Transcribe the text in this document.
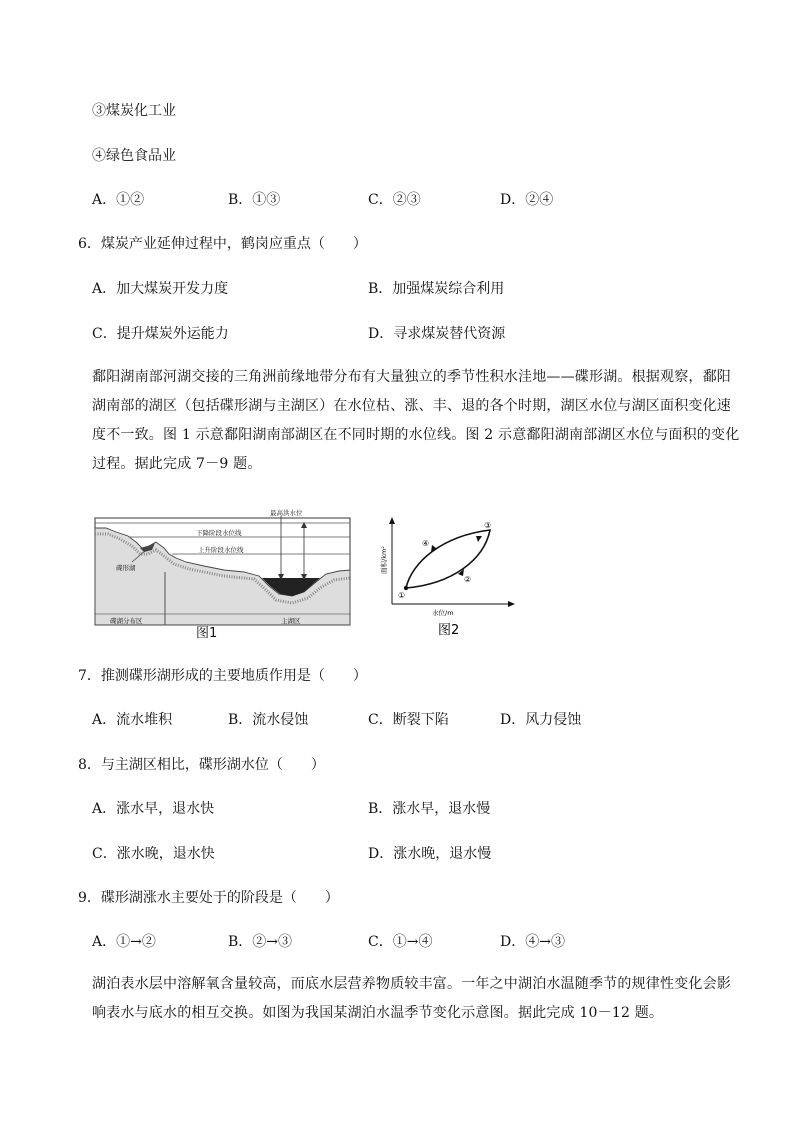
③煤炭化工业
④绿色食品业
A．①②	B．①③	C．②③	D．②④
6．煤炭产业延伸过程中，鹤岗应重点（　　）
A．加大煤炭开发力度	B．加强煤炭综合利用
C．提升煤炭外运能力	D．寻求煤炭替代资源
鄱阳湖南部河湖交接的三角洲前缘地带分布有大量独立的季节性积水洼地——碟形湖。根据观察，鄱阳
湖南部的湖区（包括碟形湖与主湖区）在水位枯、涨、丰、退的各个时期，湖区水位与湖区面积变化速
度不一致。图 1 示意鄱阳湖南部湖区在不同时期的水位线。图 2 示意鄱阳湖南部湖区水位与面积的变化
过程。据此完成 7－9 题。
最高洪水位
下降阶段水位线
上升阶段水位线
碟形湖
碟湖分布区	主湖区
图1
①
②
③
④
面积/km²
水位/m
图2
7．推测碟形湖形成的主要地质作用是（　　）
A．流水堆积	B．流水侵蚀	C．断裂下陷	D．风力侵蚀
8．与主湖区相比，碟形湖水位（　　）
A．涨水早，退水快	B．涨水早，退水慢
C．涨水晚，退水快	D．涨水晚，退水慢
9．碟形湖涨水主要处于的阶段是（　　）
A．①→②	B．②→③	C．①→④	D．④→③
湖泊表水层中溶解氧含量较高，而底水层营养物质较丰富。一年之中湖泊水温随季节的规律性变化会影
响表水与底水的相互交换。如图为我国某湖泊水温季节变化示意图。据此完成 10－12 题。
